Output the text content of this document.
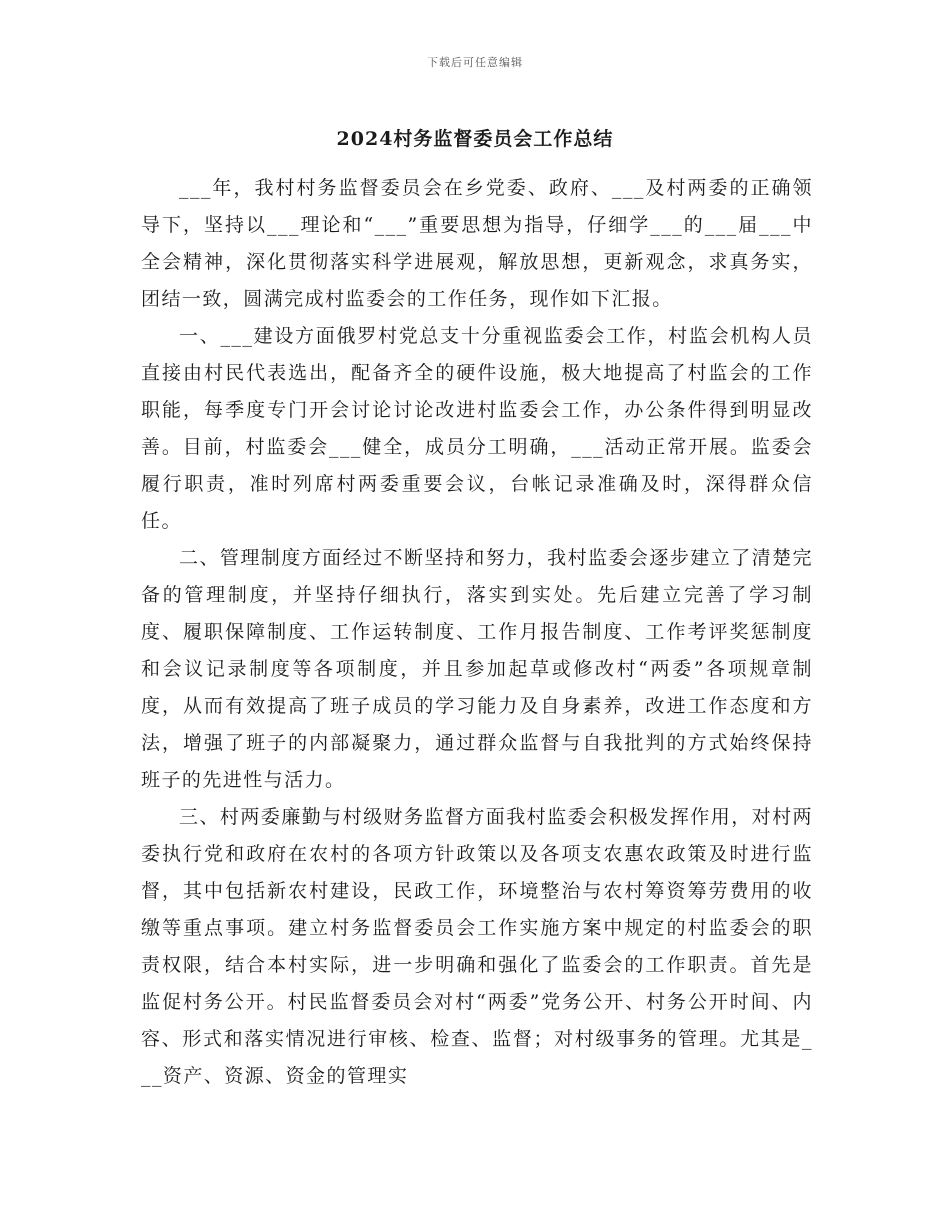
下载后可任意编辑
2024村务监督委员会工作总结

___年，我村村务监督委员会在乡党委、政府、___及村两委的正确领导下，坚持以___理论和“___”重要思想为指导，仔细学___的___届___中全会精神，深化贯彻落实科学进展观，解放思想，更新观念，求真务实，团结一致，圆满完成村监委会的工作任务，现作如下汇报。

一、___建设方面俄罗村党总支十分重视监委会工作，村监会机构人员直接由村民代表选出，配备齐全的硬件设施，极大地提高了村监会的工作职能，每季度专门开会讨论讨论改进村监委会工作，办公条件得到明显改善。目前，村监委会___健全，成员分工明确，___活动正常开展。监委会履行职责，准时列席村两委重要会议，台帐记录准确及时，深得群众信任。

二、管理制度方面经过不断坚持和努力，我村监委会逐步建立了清楚完备的管理制度，并坚持仔细执行，落实到实处。先后建立完善了学习制度、履职保障制度、工作运转制度、工作月报告制度、工作考评奖惩制度和会议记录制度等各项制度，并且参加起草或修改村“两委”各项规章制度，从而有效提高了班子成员的学习能力及自身素养，改进工作态度和方法，增强了班子的内部凝聚力，通过群众监督与自我批判的方式始终保持班子的先进性与活力。

三、村两委廉勤与村级财务监督方面我村监委会积极发挥作用，对村两委执行党和政府在农村的各项方针政策以及各项支农惠农政策及时进行监督，其中包括新农村建设，民政工作，环境整治与农村筹资筹劳费用的收缴等重点事项。建立村务监督委员会工作实施方案中规定的村监委会的职责权限，结合本村实际，进一步明确和强化了监委会的工作职责。首先是监促村务公开。村民监督委员会对村“两委”党务公开、村务公开时间、内容、形式和落实情况进行审核、检查、监督；对村级事务的管理。尤其是___资产、资源、资金的管理实
